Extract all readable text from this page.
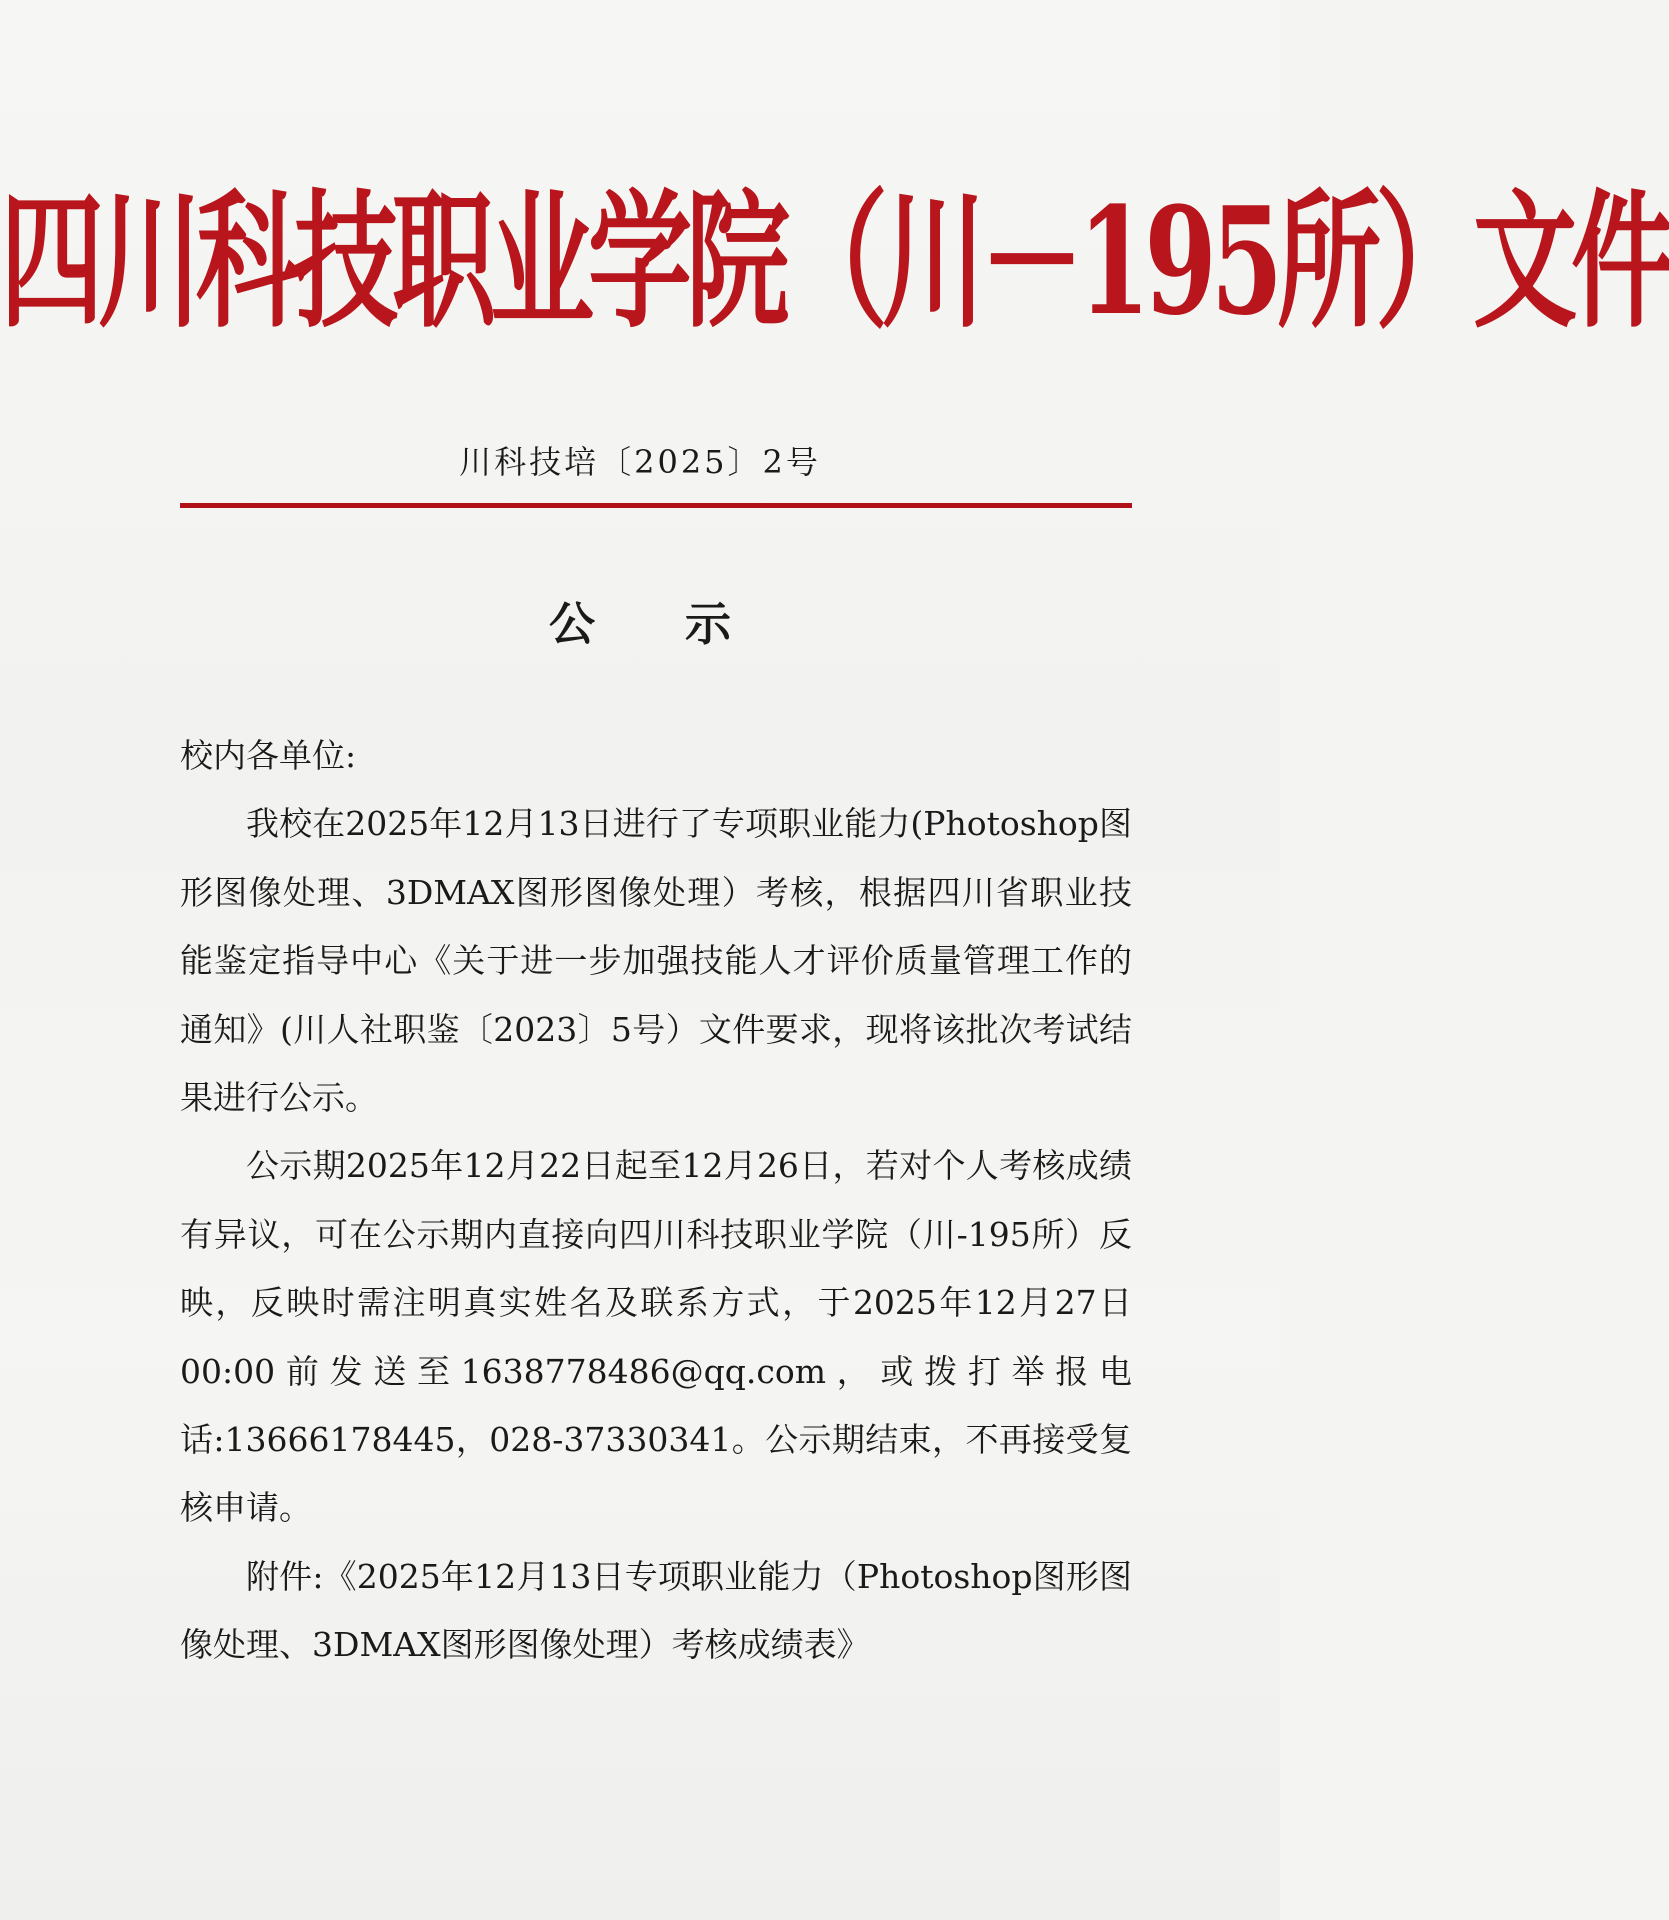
四川科技职业学院（川－195所）文件
川科技培〔2025〕2号
公示

校内各单位:

我校在2025年12月13日进行了专项职业能力(Photoshop图形图像处理、3DMAX图形图像处理）考核，根据四川省职业技能鉴定指导中心《关于进一步加强技能人才评价质量管理工作的通知》(川人社职鉴〔2023〕5号）文件要求，现将该批次考试结果进行公示。

公示期2025年12月22日起至12月26日，若对个人考核成绩有异议，可在公示期内直接向四川科技职业学院（川-195所）反映，反映时需注明真实姓名及联系方式，于2025年12月27日00:00前发送至1638778486@qq.com，或拨打举报电话:13666178445，028-37330341。公示期结束，不再接受复核申请。

附件:《2025年12月13日专项职业能力（Photoshop图形图像处理、3DMAX图形图像处理）考核成绩表》
